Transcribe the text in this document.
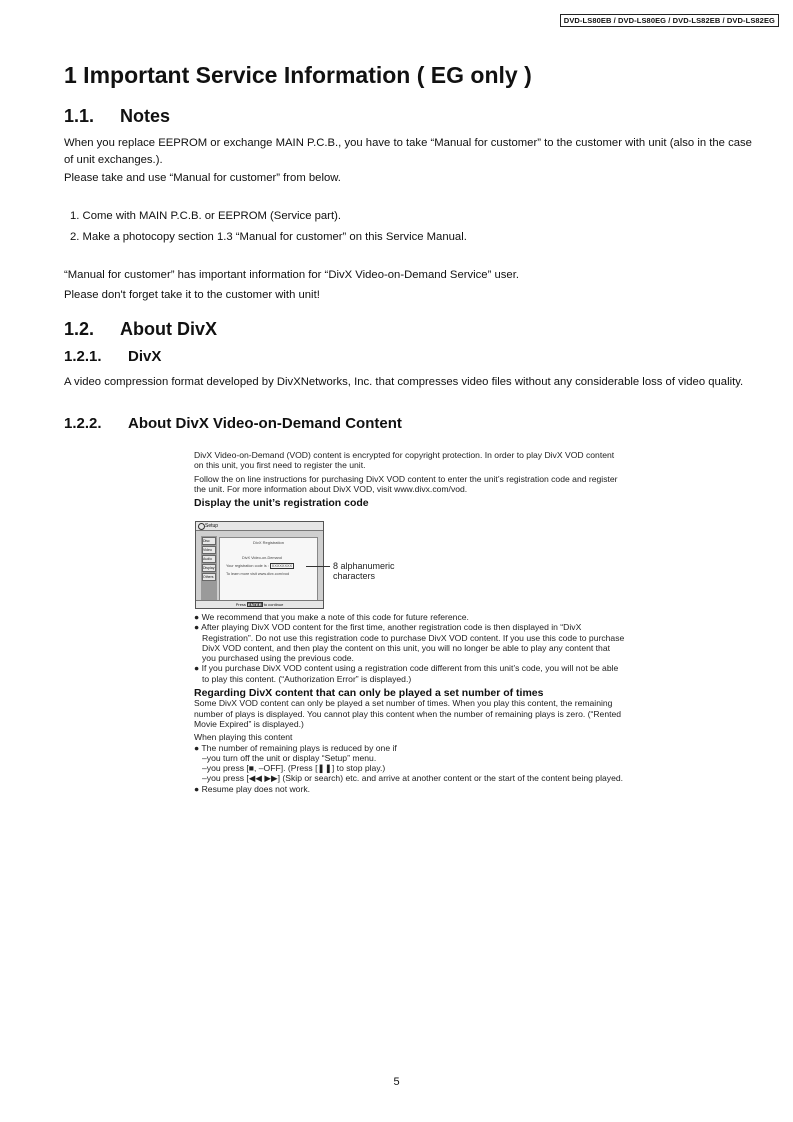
DVD-LS80EB / DVD-LS80EG / DVD-LS82EB / DVD-LS82EG
1 Important Service Information ( EG only )
1.1. Notes

When you replace EEPROM or exchange MAIN P.C.B., you have to take “Manual for customer” to the customer with unit (also in the case of unit exchanges.).

Please take and use “Manual for customer” from below.

1. Come with MAIN P.C.B. or EEPROM (Service part).

2. Make a photocopy section 1.3 “Manual for customer” on this Service Manual.

“Manual for customer” has important information for “DivX Video-on-Demand Service” user.

Please don't forget take it to the customer with unit!

1.2. About DivX
1.2.1. DivX

A video compression format developed by DivXNetworks, Inc. that compresses video files without any considerable loss of video quality.

1.2.2. About DivX Video-on-Demand Content

DivX Video-on-Demand (VOD) content is encrypted for copyright protection. In order to play DivX VOD content on this unit, you first need to register the unit.

Follow the on line instructions for purchasing DivX VOD content to enter the unit’s registration code and register the unit. For more information about DivX VOD, visit www.divx.com/vod.

Display the unit’s registration code

Setup
Disc
Video
Audio
Display
Others
DivX Registration
DivX Video-on-Demand
Your registration code is : XXXXXXXX
To learn more visit www.divx.com/vod
Press ENTER to continue
8 alphanumeric
characters

● We recommend that you make a note of this code for future reference.

● After playing DivX VOD content for the first time, another registration code is then displayed in “DivX Registration”. Do not use this registration code to purchase DivX VOD content. If you use this code to purchase DivX VOD content, and then play the content on this unit, you will no longer be able to play any content that you purchased using the previous code.

● If you purchase DivX VOD content using a registration code different from this unit’s code, you will not be able to play this content. (“Authorization Error” is displayed.)

Regarding DivX content that can only be played a set number of times

Some DivX VOD content can only be played a set number of times. When you play this content, the remaining number of plays is displayed. You cannot play this content when the number of remaining plays is zero. (“Rented Movie Expired” is displayed.)

When playing this content

● The number of remaining plays is reduced by one if

–you turn off the unit or display “Setup” menu.

–you press [■, –OFF]. (Press [❚❚] to stop play.)

–you press [◀◀ ▶▶] (Skip or search) etc. and arrive at another content or the start of the content being played.

● Resume play does not work.

5
